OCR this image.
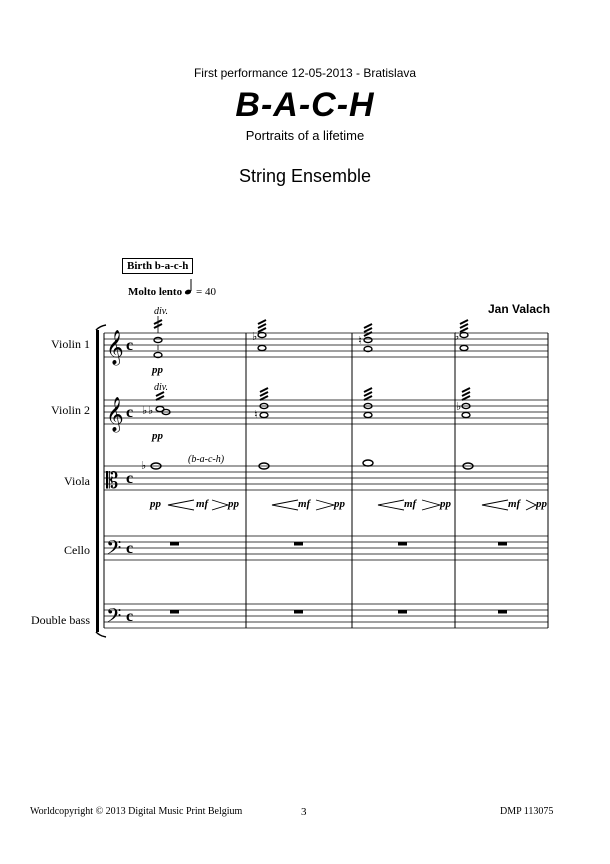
First performance 12-05-2013 - Bratislava
B-A-C-H
Portraits of a lifetime
String Ensemble
Birth b-a-c-h
Molto lento = 40
Jan Valach
Violin 1
Violin 2
Viola
Cello
Double bass
div.
div.
(b-a-c-h)
pp
pp
pp	mf pp	mf pp	mf pp	mf pp
𝄞
𝄞
𝄡
𝄢
𝄢
c
c
c
c
c
♭	♮	♭
♭ ♭	♮
♭
♭
Worldcopyright © 2013 Digital Music Print Belgium	3	DMP 113075
